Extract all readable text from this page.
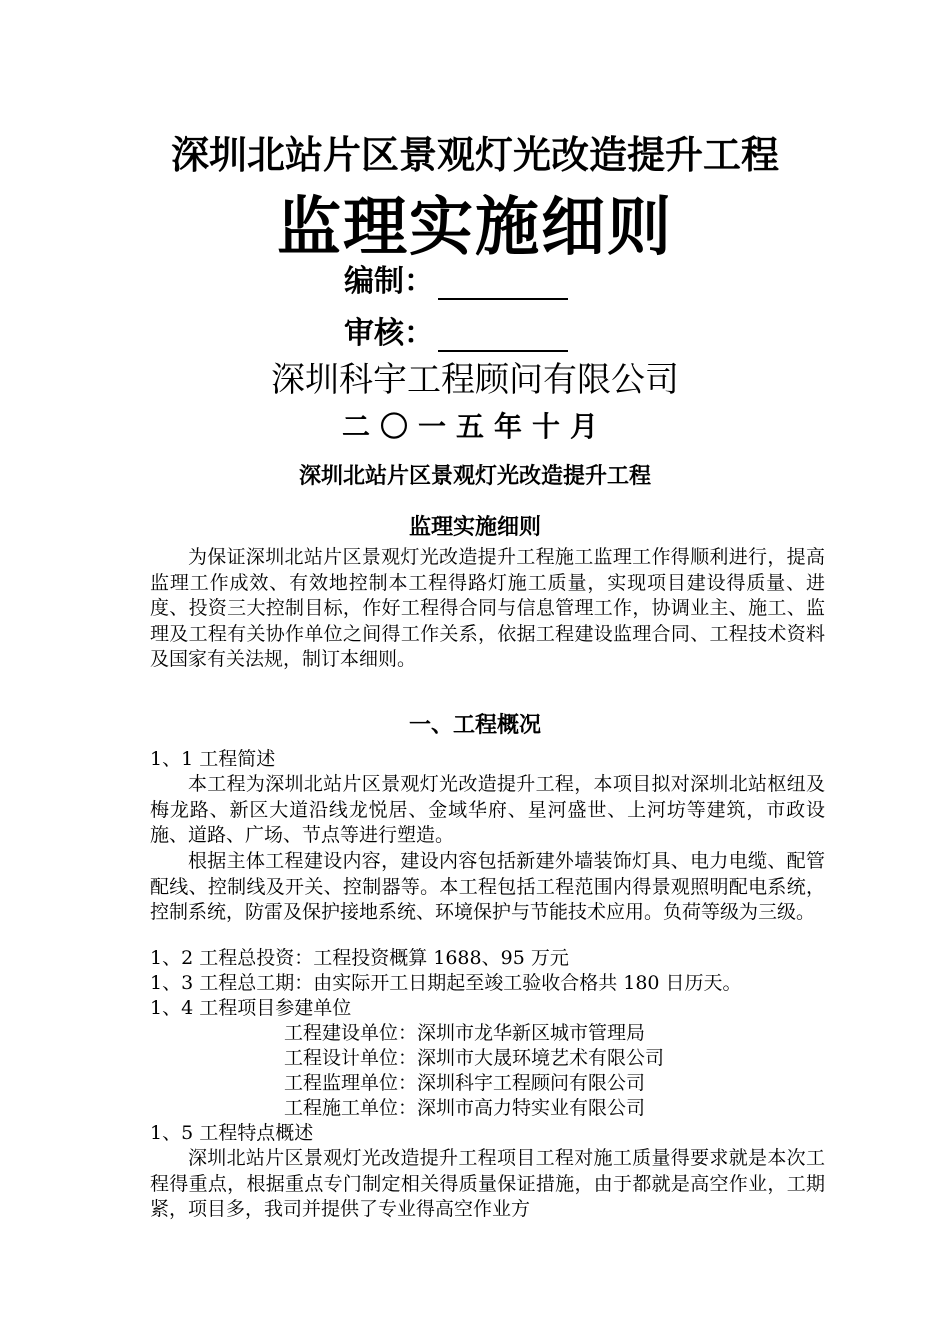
深圳北站片区景观灯光改造提升工程
监理实施细则
编制：
审核：
深圳科宇工程顾问有限公司
二〇一五年十月
深圳北站片区景观灯光改造提升工程
监理实施细则
为保证深圳北站片区景观灯光改造提升工程施工监理工作得顺利进行，提高监理工作成效、有效地控制本工程得路灯施工质量，实现项目建设得质量、进度、投资三大控制目标，作好工程得合同与信息管理工作，协调业主、施工、监理及工程有关协作单位之间得工作关系，依据工程建设监理合同、工程技术资料及国家有关法规，制订本细则。
一、工程概况
1、1 工程简述
本工程为深圳北站片区景观灯光改造提升工程，本项目拟对深圳北站枢纽及梅龙路、新区大道沿线龙悦居、金域华府、星河盛世、上河坊等建筑，市政设施、道路、广场、节点等进行塑造。
根据主体工程建设内容，建设内容包括新建外墙装饰灯具、电力电缆、配管配线、控制线及开关、控制器等。本工程包括工程范围内得景观照明配电系统，控制系统，防雷及保护接地系统、环境保护与节能技术应用。负荷等级为三级。
1、2 工程总投资：工程投资概算 1688、95 万元
1、3 工程总工期：由实际开工日期起至竣工验收合格共 180 日历天。
1、4 工程项目参建单位
工程建设单位：深圳市龙华新区城市管理局
工程设计单位：深圳市大晟环境艺术有限公司
工程监理单位：深圳科宇工程顾问有限公司
工程施工单位：深圳市高力特实业有限公司
1、5 工程特点概述
深圳北站片区景观灯光改造提升工程项目工程对施工质量得要求就是本次工程得重点，根据重点专门制定相关得质量保证措施，由于都就是高空作业，工期紧，项目多，我司并提供了专业得高空作业方
